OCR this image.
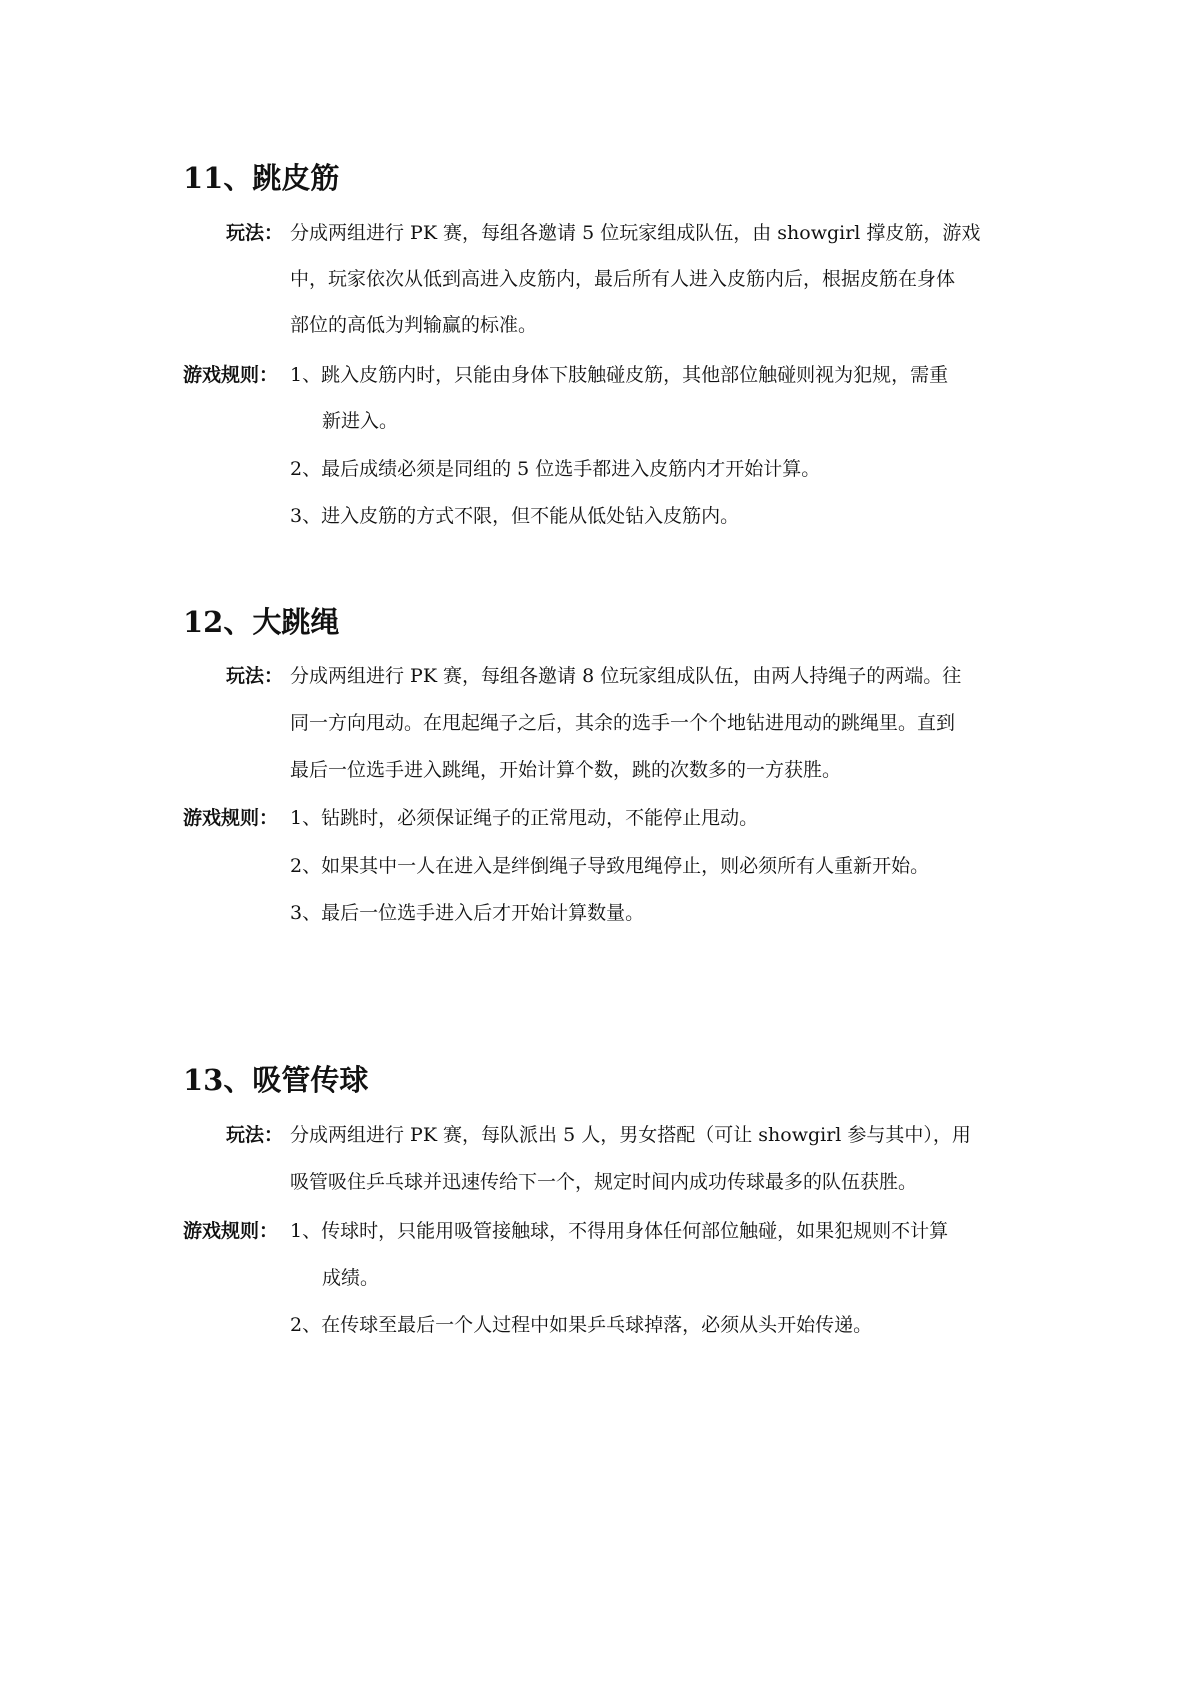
11、跳皮筋
玩法： 分成两组进行 PK 赛，每组各邀请 5 位玩家组成队伍，由 showgirl 撑皮筋，游戏
中，玩家依次从低到高进入皮筋内，最后所有人进入皮筋内后，根据皮筋在身体
部位的高低为判输赢的标准。
游戏规则： 1、跳入皮筋内时，只能由身体下肢触碰皮筋，其他部位触碰则视为犯规，需重
新进入。
2、最后成绩必须是同组的 5 位选手都进入皮筋内才开始计算。
3、进入皮筋的方式不限，但不能从低处钻入皮筋内。
12、大跳绳
玩法： 分成两组进行 PK 赛，每组各邀请 8 位玩家组成队伍，由两人持绳子的两端。往
同一方向甩动。在甩起绳子之后，其余的选手一个个地钻进甩动的跳绳里。直到
最后一位选手进入跳绳，开始计算个数，跳的次数多的一方获胜。
游戏规则： 1、钻跳时，必须保证绳子的正常甩动，不能停止甩动。
2、如果其中一人在进入是绊倒绳子导致甩绳停止，则必须所有人重新开始。
3、最后一位选手进入后才开始计算数量。
13、吸管传球
玩法： 分成两组进行 PK 赛，每队派出 5 人，男女搭配（可让 showgirl 参与其中），用
吸管吸住乒乓球并迅速传给下一个，规定时间内成功传球最多的队伍获胜。
游戏规则： 1、传球时，只能用吸管接触球，不得用身体任何部位触碰，如果犯规则不计算
成绩。
2、在传球至最后一个人过程中如果乒乓球掉落，必须从头开始传递。
